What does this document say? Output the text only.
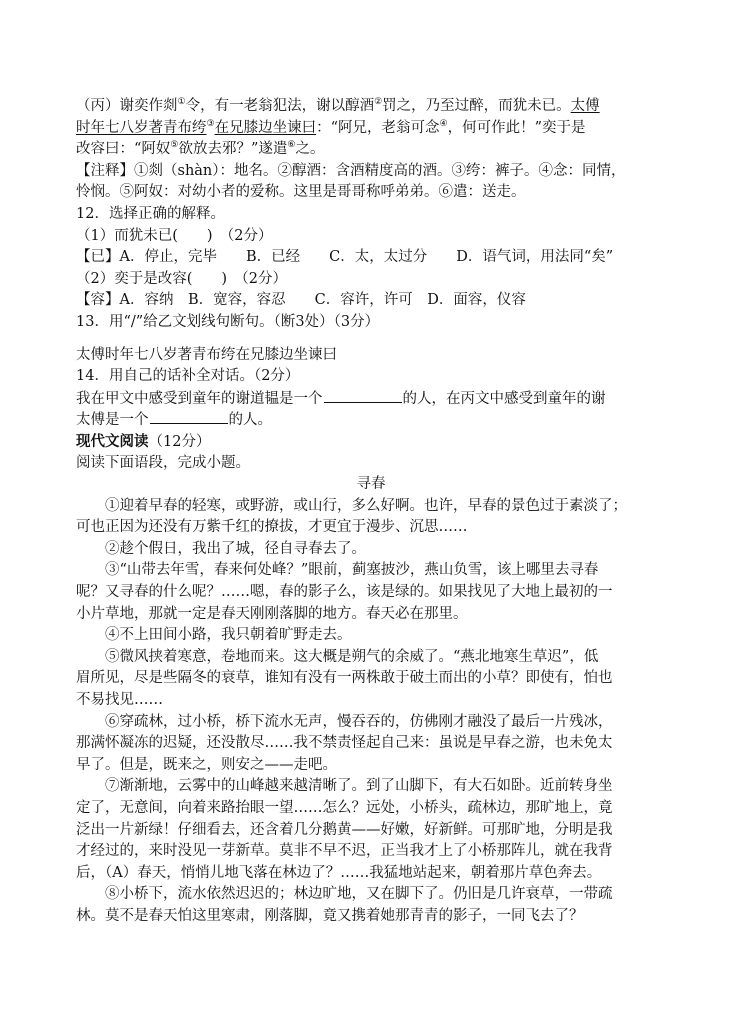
（丙）谢奕作剡①令，有一老翁犯法，谢以醇酒②罚之，乃至过醉，而犹未已。太傅
时年七八岁著青布绔③在兄膝边坐谏曰：“阿兄，老翁可念④，何可作此！”奕于是
改容曰：“阿奴⑤欲放去邪？”遂遣⑥之。
【注释】①剡（shàn）：地名。②醇酒：含酒精度高的酒。③绔：裤子。④念：同情，
怜悯。⑤阿奴：对幼小者的爱称。这里是哥哥称呼弟弟。⑥遣：送走。
12．选择正确的解释。
（1）而犹未已(　　)　（2分）
【已】A．停止，完毕　　B．已经　　C．太，太过分　　D．语气词，用法同“矣”
（2）奕于是改容(　　)　（2分）
【容】A．容纳　B．宽容，容忍　　C．容许，许可　D．面容，仪容
13．用“/”给乙文划线句断句。（断3处）（3分）
太傅时年七八岁著青布绔在兄膝边坐谏曰
14．用自己的话补全对话。（2分）
我在甲文中感受到童年的谢道韫是一个	的人，在丙文中感受到童年的谢
太傅是一个	的人。
现代文阅读（12分）
阅读下面语段，完成小题。
寻春
①迎着早春的轻寒，或野游，或山行，多么好啊。也许，早春的景色过于素淡了；
可也正因为还没有万紫千红的撩拔，才更宜于漫步、沉思……
②趁个假日，我出了城，径自寻春去了。
③“山带去年雪，春来何处峰？”眼前，蓟塞披沙，燕山负雪，该上哪里去寻春
呢？又寻春的什么呢？……嗯，春的影子么，该是绿的。如果找见了大地上最初的一
小片草地，那就一定是春天刚刚落脚的地方。春天必在那里。
④不上田间小路，我只朝着旷野走去。
⑤微风挟着寒意，卷地而来。这大概是朔气的余威了。“燕北地寒生草迟”，低
眉所见，尽是些隔冬的衰草，谁知有没有一两株敢于破土而出的小草？即使有，怕也
不易找见……
⑥穿疏林，过小桥，桥下流水无声，慢吞吞的，仿佛刚才融没了最后一片残冰，
那满怀凝冻的迟疑，还没散尽……我不禁责怪起自己来：虽说是早春之游，也未免太
早了。但是，既来之，则安之——走吧。
⑦渐渐地，云雾中的山峰越来越清晰了。到了山脚下，有大石如卧。近前转身坐
定了，无意间，向着来路抬眼一望……怎么？远处，小桥头，疏林边，那旷地上，竟
泛出一片新绿！仔细看去，还含着几分鹅黄——好嫩，好新鲜。可那旷地，分明是我
才经过的，来时没见一芽新草。莫非不早不迟，正当我才上了小桥那阵儿，就在我背
后，（A）春天，悄悄儿地飞落在林边了？……我猛地站起来，朝着那片草色奔去。
⑧小桥下，流水依然迟迟的；林边旷地，又在脚下了。仍旧是几许衰草，一带疏
林。莫不是春天怕这里寒肃，刚落脚，竟又携着她那青青的影子，一同飞去了？
